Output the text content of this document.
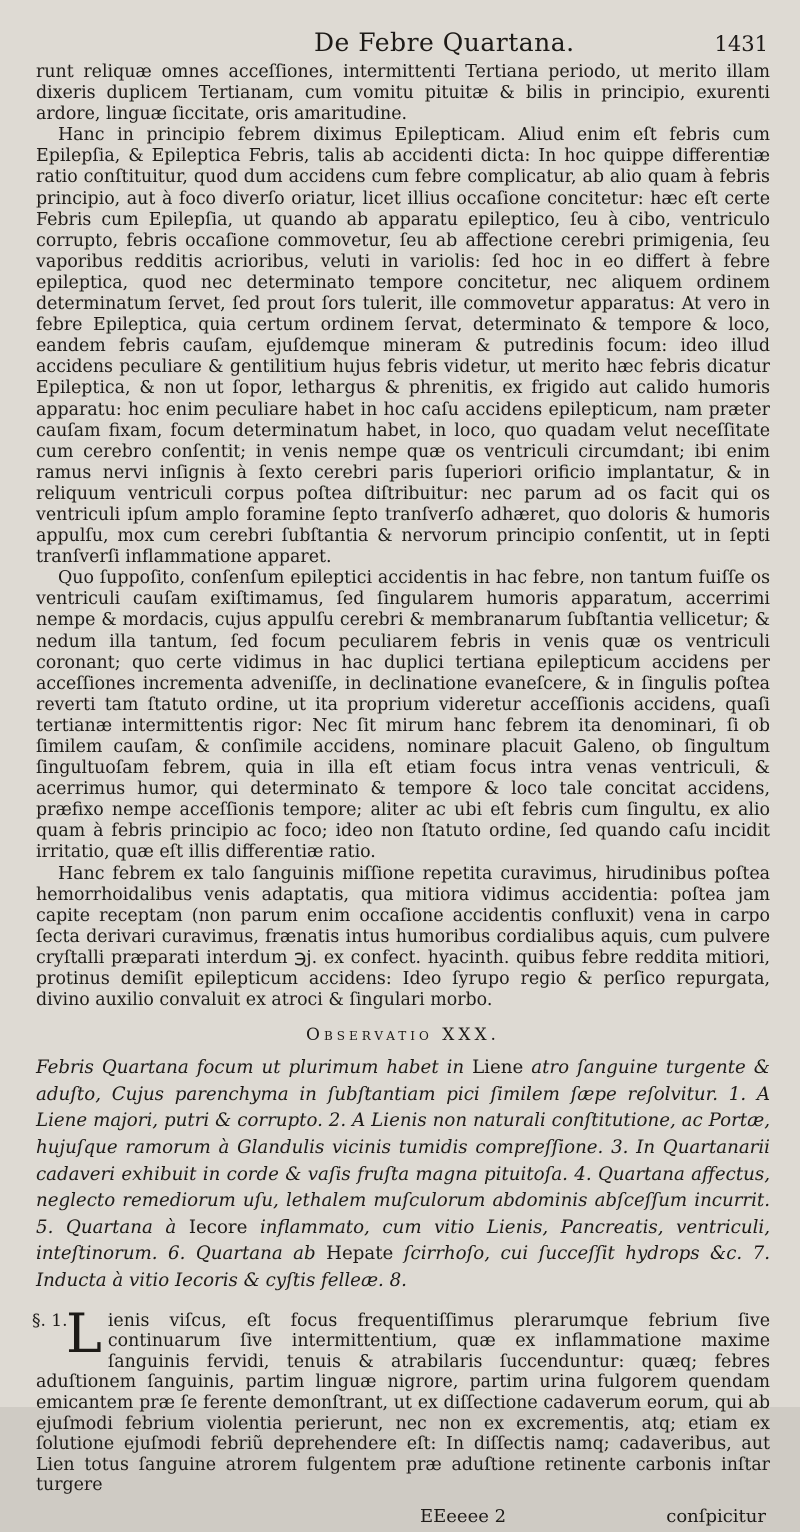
De Febre Quartana.	1431

runt reliquæ omnes acceſſiones, intermittenti Tertiana periodo, ut merito illam dixeris duplicem Tertianam, cum vomitu pituitæ & bilis in principio, exurenti ardore, linguæ ſiccitate, oris amaritudine.

Hanc in principio febrem diximus Epilepticam. Aliud enim eſt febris cum Epilepſia, & Epileptica Febris, talis ab accidenti dicta: In hoc quippe differentiæ ratio conſtituitur, quod dum accidens cum febre complicatur, ab alio quam à febris principio, aut à foco diverſo oriatur, licet illius occaſione concitetur: hæc eſt certe Febris cum Epilepſia, ut quando ab apparatu epileptico, ſeu à cibo, ventriculo corrupto, febris occaſione commovetur, ſeu ab affectione cerebri primigenia, ſeu vaporibus redditis acrioribus, veluti in variolis: ſed hoc in eo differt à febre epileptica, quod nec determinato tempore concitetur, nec aliquem ordinem determinatum ſervet, ſed prout ſors tulerit, ille commovetur apparatus: At vero in febre Epileptica, quia certum ordinem ſervat, determinato & tempore & loco, eandem febris cauſam, ejuſdemque mineram & putredinis focum: ideo illud accidens peculiare & gentilitium hujus febris videtur, ut merito hæc febris dicatur Epileptica, & non ut ſopor, lethargus & phrenitis, ex frigido aut calido humoris apparatu: hoc enim peculiare habet in hoc caſu accidens epilepticum, nam præter cauſam fixam, focum determinatum habet, in loco, quo quadam velut neceſſitate cum cerebro conſentit; in venis nempe quæ os ventriculi circumdant; ibi enim ramus nervi inſignis à ſexto cerebri paris ſuperiori orificio implantatur, & in reliquum ventriculi corpus poſtea diſtribuitur: nec parum ad os facit qui os ventriculi ipſum amplo foramine ſepto tranſverſo adhæret, quo doloris & humoris appulſu, mox cum cerebri ſubſtantia & nervorum principio conſentit, ut in ſepti tranſverſi inflammatione apparet.

Quo ſuppoſito, conſenſum epileptici accidentis in hac febre, non tantum fuiſſe os ventriculi cauſam exiſtimamus, ſed ſingularem humoris apparatum, accerrimi nempe & mordacis, cujus appulſu cerebri & membranarum ſubſtantia vellicetur; & nedum illa tantum, ſed focum peculiarem febris in venis quæ os ventriculi coronant; quo certe vidimus in hac duplici tertiana epilepticum accidens per acceſſiones incrementa adveniſſe, in declinatione evaneſcere, & in ſingulis poſtea reverti tam ſtatuto ordine, ut ita proprium videretur acceſſionis accidens, quaſi tertianæ intermittentis rigor: Nec ſit mirum hanc febrem ita denominari, ſi ob ſimilem cauſam, & conſimile accidens, nominare placuit Galeno, ob ſingultum ſingultuoſam febrem, quia in illa eſt etiam focus intra venas ventriculi, & acerrimus humor, qui determinato & tempore & loco tale concitat accidens, præfixo nempe acceſſionis tempore; aliter ac ubi eſt febris cum ſingultu, ex alio quam à febris principio ac foco; ideo non ſtatuto ordine, ſed quando caſu incidit irritatio, quæ eſt illis differentiæ ratio.

Hanc febrem ex talo ſanguinis miſſione repetita curavimus, hirudinibus poſtea hemorrhoidalibus venis adaptatis, qua mitiora vidimus accidentia: poſtea jam capite receptam (non parum enim occaſione accidentis confluxit) vena in carpo ſecta derivari curavimus, frænatis intus humoribus cordialibus aquis, cum pulvere cryſtalli præparati interdum ℈j. ex confect. hyacinth. quibus febre reddita mitiori, protinus demiſit epilepticum accidens: Ideo ſyrupo regio & perſico repurgata, divino auxilio convaluit ex atroci & ſingulari morbo.

Observatio XXX.

Febris Quartana focum ut plurimum habet in Liene atro ſanguine turgente & aduſto, Cujus parenchyma in ſubſtantiam pici ſimilem ſæpe reſolvitur. 1. A Liene majori, putri & corrupto. 2. A Lienis non naturali conſtitutione, ac Portæ, hujuſque ramorum à Glandulis vicinis tumidis compreſſione. 3. In Quartanarii cadaveri exhibuit in corde & vaſis fruſta magna pituitoſa. 4. Quartana affectus, neglecto remediorum uſu, lethalem muſculorum abdominis abſceſſum incurrit. 5. Quartana à Iecore inflammato, cum vitio Lienis, Pancreatis, ventriculi, inteſtinorum. 6. Quartana ab Hepate ſcirrhoſo, cui ſucceſſit hydrops &c. 7. Inducta à vitio Iecoris & cyſtis felleæ. 8.

§. 1.
L ienis viſcus, eſt focus frequentiſſimus plerarumque febrium ſive continuarum ſive intermittentium, quæ ex inflammatione maxime ſanguinis fervidi, tenuis & atrabilaris ſuccenduntur: quæq; febres aduſtionem ſanguinis, partim linguæ nigrore, partim urina fulgorem quendam emicantem præ ſe ferente demonſtrant, ut ex diſſectione cadaverum eorum, qui ab ejuſmodi febrium violentia perierunt, nec non ex excrementis, atq; etiam ex ſolutione ejuſmodi febriũ deprehendere eſt: In diſſectis namq; cadaveribus, aut Lien totus ſanguine atrorem fulgentem præ aduſtione retinente carbonis inſtar turgere

EEeeee 2	conſpicitur
